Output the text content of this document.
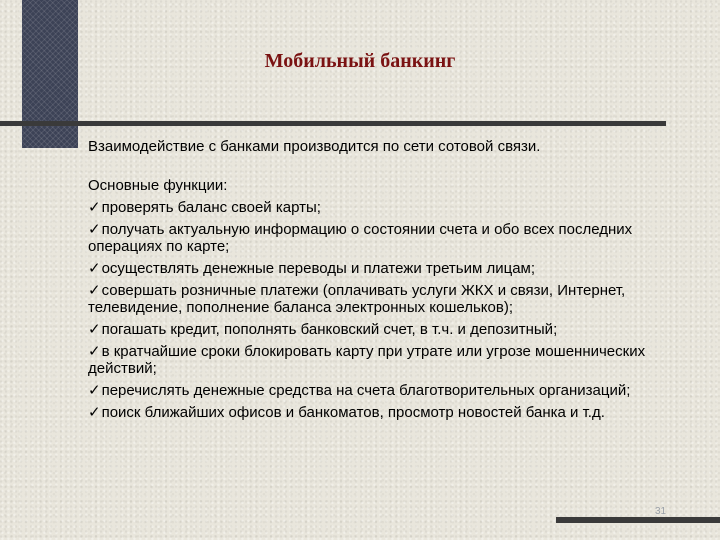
Мобильный банкинг

Взаимодействие с банками производится по сети сотовой связи.

Основные функции:

✓проверять баланс своей карты;
✓получать актуальную информацию о состоянии счета и обо всех последних операциях по карте;
✓осуществлять денежные переводы и платежи третьим лицам;
✓совершать розничные платежи (оплачивать услуги ЖКХ и связи, Интернет, телевидение, пополнение баланса электронных кошельков);
✓погашать кредит, пополнять банковский счет, в т.ч. и депозитный;
✓в кратчайшие сроки блокировать карту при утрате или угрозе мошеннических действий;
✓перечислять денежные средства на счета благотворительных организаций;
✓поиск ближайших офисов и банкоматов, просмотр новостей банка и т.д.
31
